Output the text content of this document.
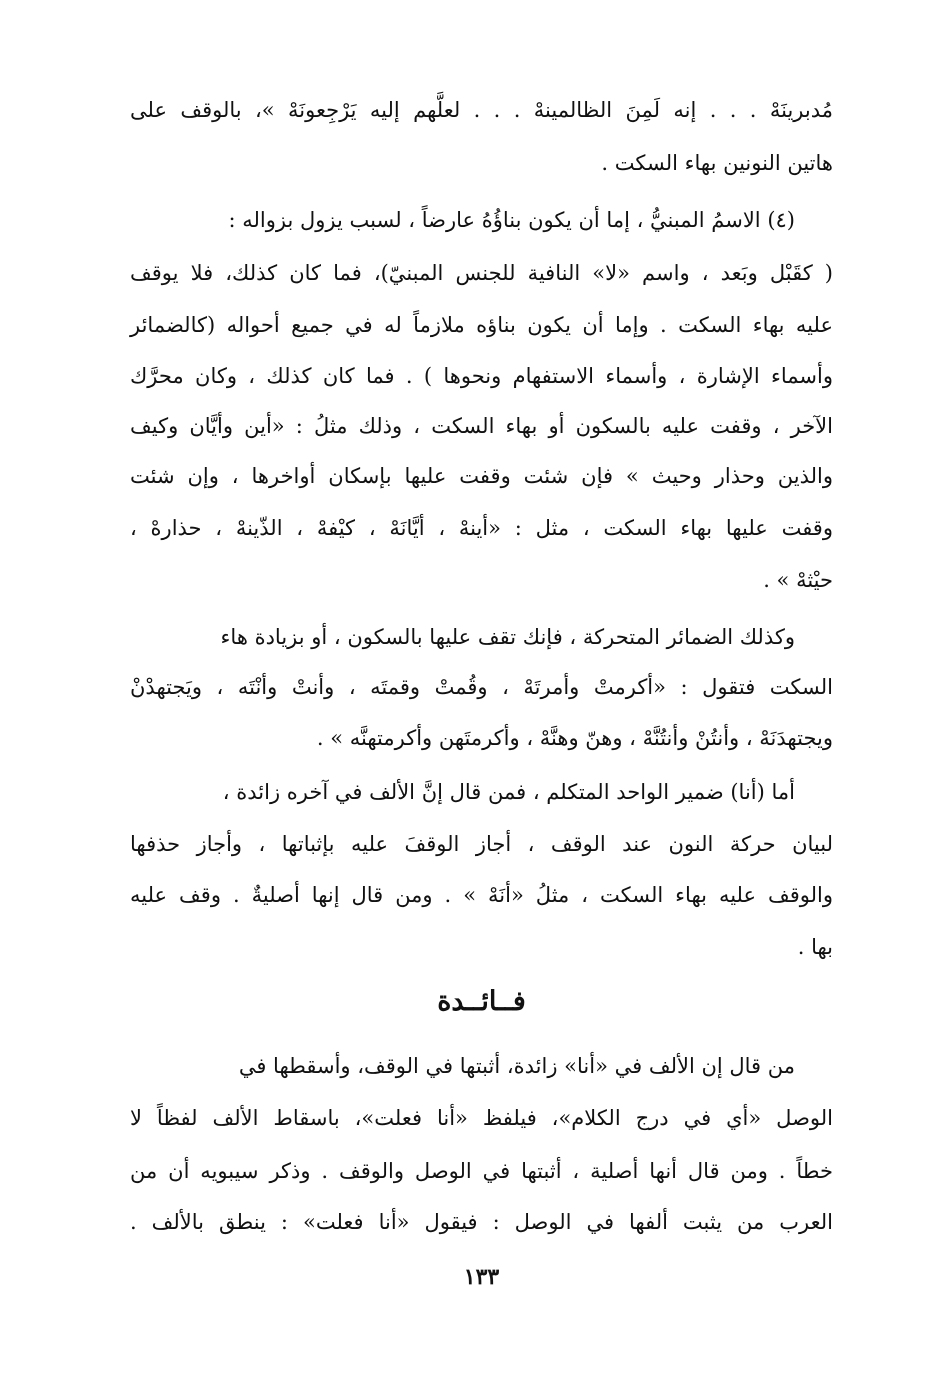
مُدبرينَهْ . . . إنه لَمِنَ الظالمينهْ . . . لعلَّهم إليه يَرْجِعونَهْ »، بالوقف على
هاتين النونين بهاء السكت .
(٤) الاسمُ المبنيُّ ، إما أن يكون بناؤُهُ عارضاً ، لسبب يزول بزواله :
( كقَبْل وبَعد ، واسم «لا» النافية للجنس المبنيّ)، فما كان كذلك، فلا يوقف
عليه بهاء السكت . وإما أن يكون بناؤه ملازماً له في جميع أحواله (كالضمائر
وأسماء الإشارة ، وأسماء الاستفهام ونحوها ) . فما كان كذلك ، وكان محرَّك
الآخر ، وقفت عليه بالسكون أو بهاء السكت ، وذلك مثلُ : «أين وأيَّان وكيف
والذين وحذار وحيث » فإن شئت وقفت عليها بإسكان أواخرها ، وإن شئت
وقفت عليها بهاء السكت ، مثل : «أينهْ ، أيَّانَهْ ، كيْفهْ ، الذّينهْ ، حذارهْ ،
حيْثهْ » .
وكذلك الضمائر المتحركة ، فإنك تقف عليها بالسكون ، أو بزيادة هاء
السكت فتقول : «أكرمتْ وأمرتَهْ ، وقُمتْ وقمتَه ، وأنتْ وأنْتَه ، ويَجتهدْنْ
ويجتهدَنَهْ ، وأنتُنْ وأنتُنَّهْ ، وهنّ وهنَّهْ ، وأكرمتَهن وأكرمتهنَّه » .
أما (أنا) ضمير الواحد المتكلم ، فمن قال إنَّ الألف في آخره زائدة ،
لبيان حركة النون عند الوقف ، أجاز الوقفَ عليه بإثباتها ، وأجاز حذفها
والوقف عليه بهاء السكت ، مثلُ «أنَهْ » . ومن قال إنها أصليةٌ . وقف عليه
بها .
فــائــدة
من قال إن الألف في «أنا» زائدة، أثبتها في الوقف، وأسقطها في
الوصل «أي في درج الكلام»، فيلفظ «أنا فعلت»، باسقاط الألف لفظاً لا
خطاً . ومن قال أنها أصلية ، أثبتها في الوصل والوقف . وذكر سيبويه أن من
العرب من يثبت ألفها في الوصل : فيقول «أنا فعلت» : ينطق بالألف .
١٣٣
